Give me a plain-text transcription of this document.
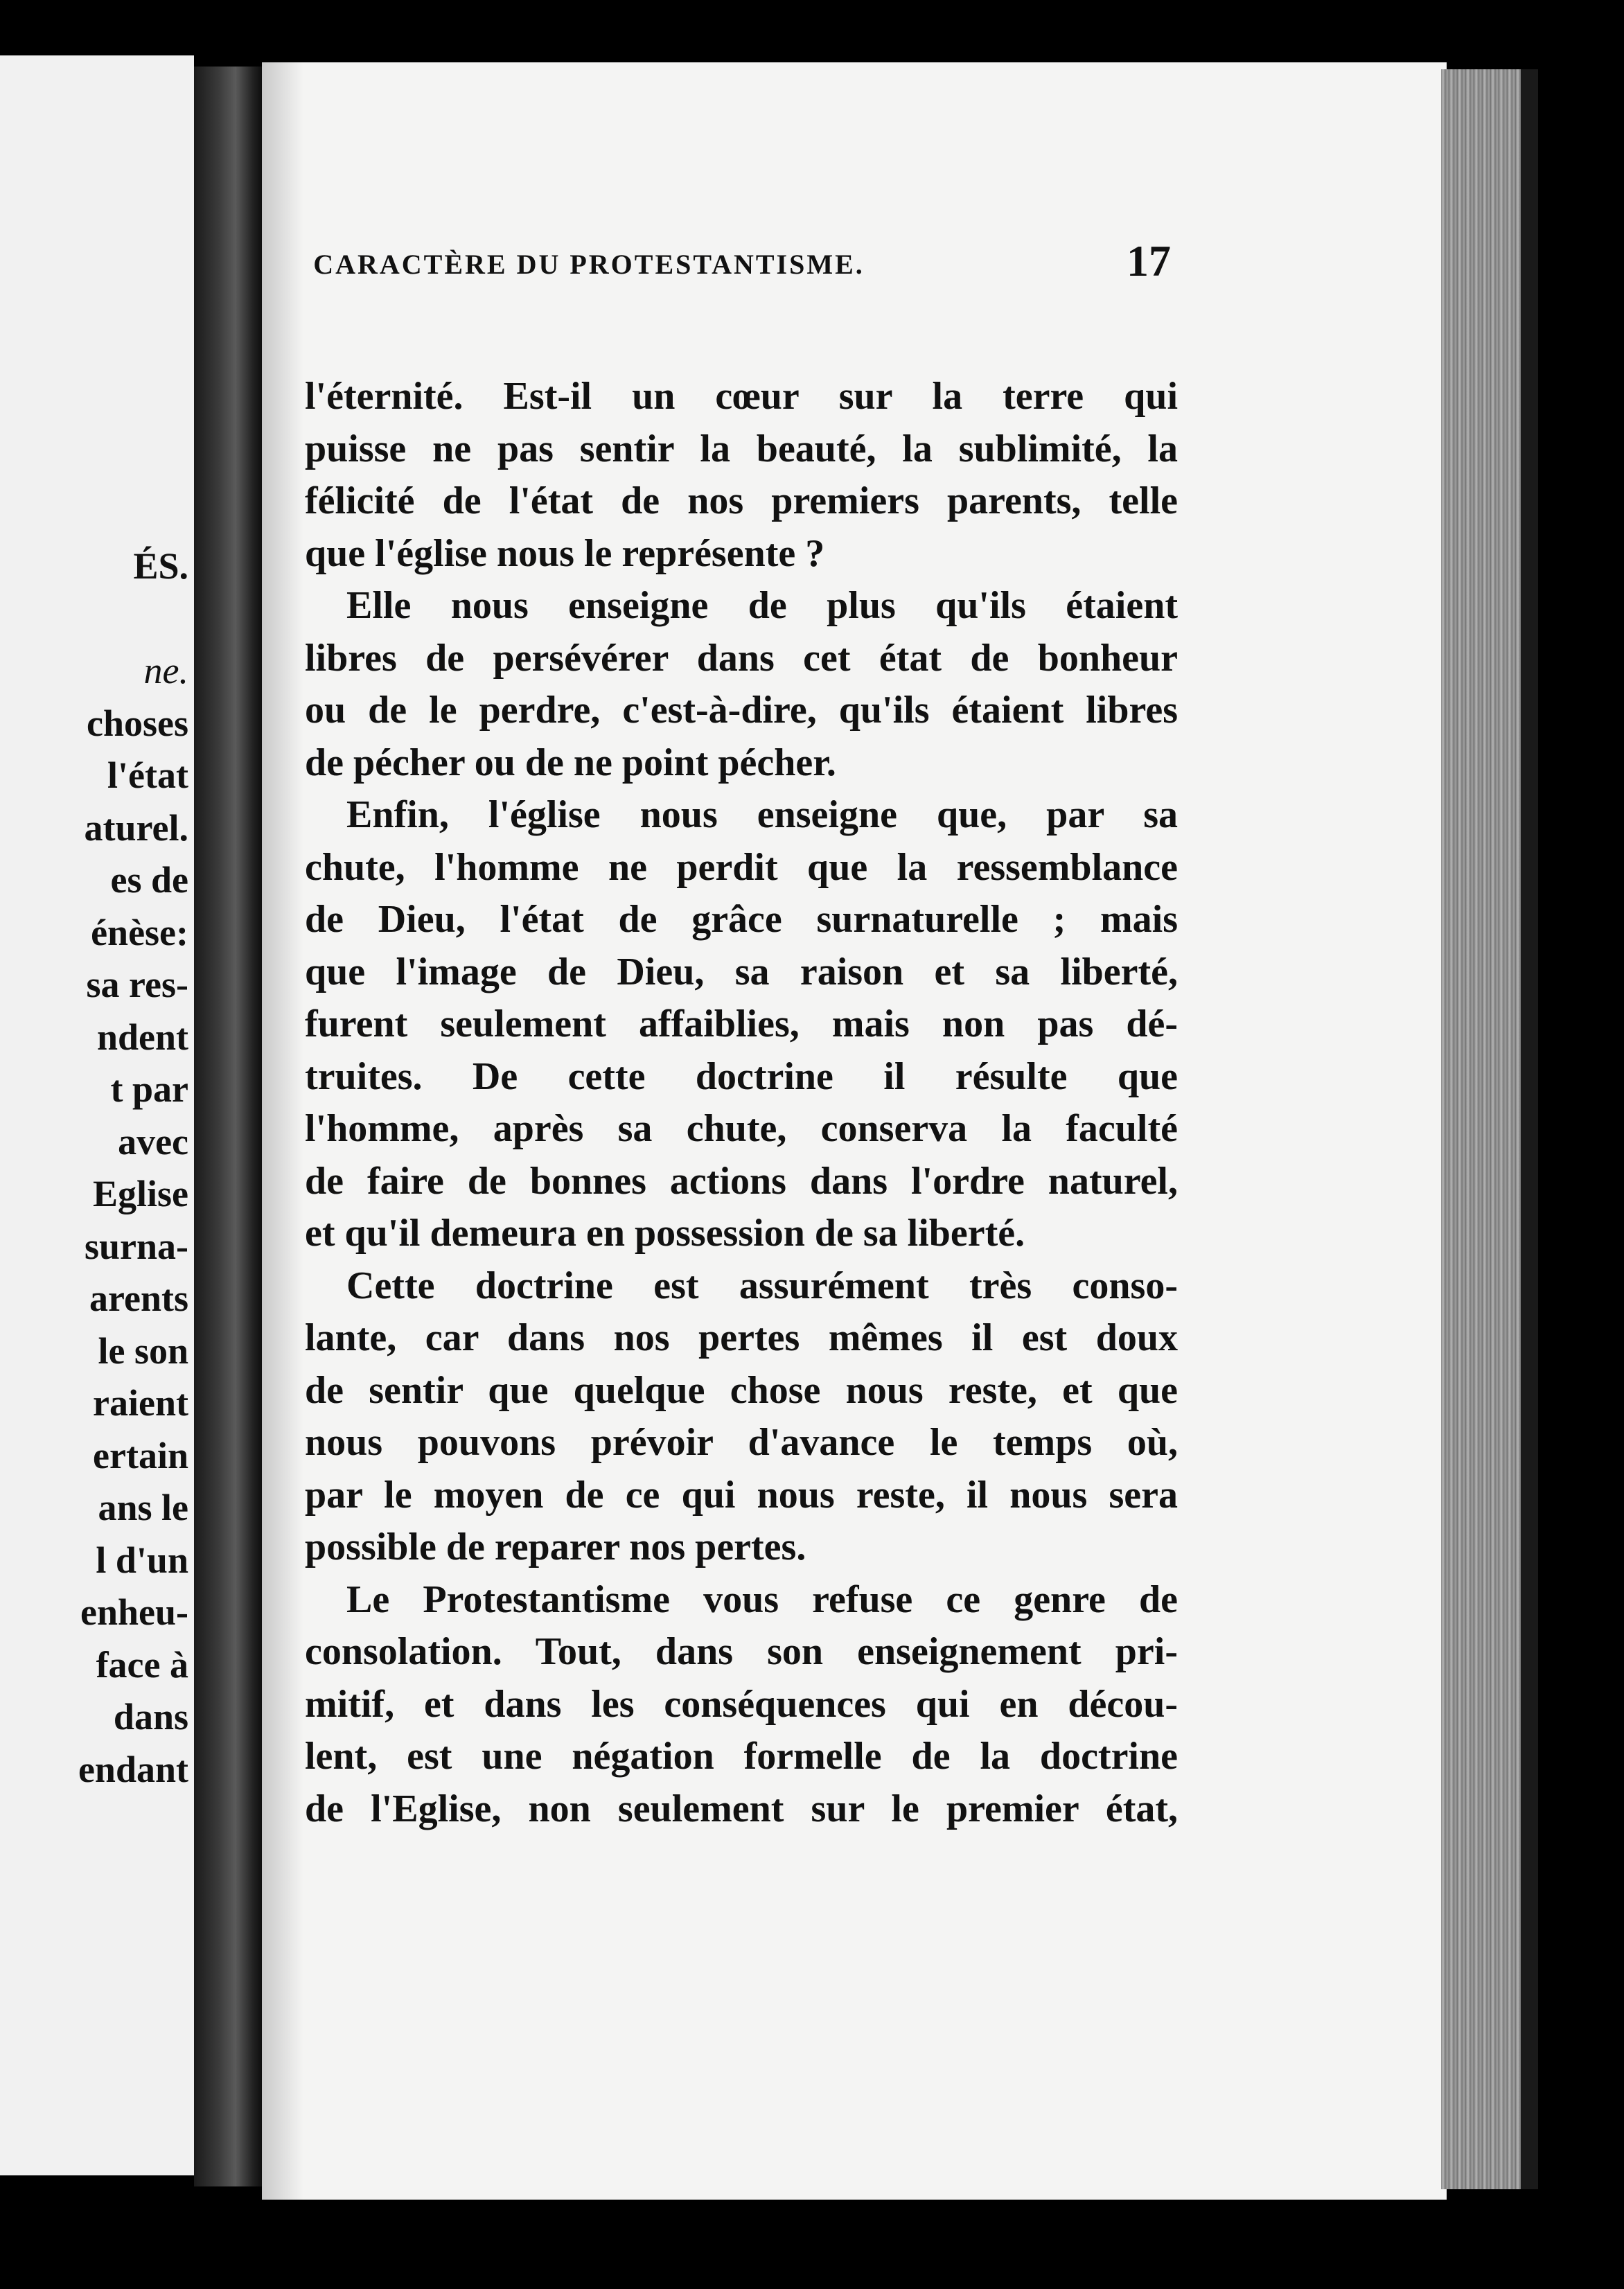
ÉS.
ne.
choses
l'état
aturel.
es de
énèse:
sa res-
ndent
t par
avec
Eglise
surna-
arents
le son
raient
ertain
ans le
l d'un
enheu-
face à
dans
endant
CARACTÈRE DU PROTESTANTISME.	17
l'éternité. Est-il un cœur sur la terre qui
puisse ne pas sentir la beauté, la sublimité, la
félicité de l'état de nos premiers parents, telle
que l'église nous le représente ?
Elle nous enseigne de plus qu'ils étaient
libres de persévérer dans cet état de bonheur
ou de le perdre, c'est-à-dire, qu'ils étaient libres
de pécher ou de ne point pécher.
Enfin, l'église nous enseigne que, par sa
chute, l'homme ne perdit que la ressemblance
de Dieu, l'état de grâce surnaturelle ; mais
que l'image de Dieu, sa raison et sa liberté,
furent seulement affaiblies, mais non pas dé-
truites. De cette doctrine il résulte que
l'homme, après sa chute, conserva la faculté
de faire de bonnes actions dans l'ordre naturel,
et qu'il demeura en possession de sa liberté.
Cette doctrine est assurément très conso-
lante, car dans nos pertes mêmes il est doux
de sentir que quelque chose nous reste, et que
nous pouvons prévoir d'avance le temps où,
par le moyen de ce qui nous reste, il nous sera
possible de reparer nos pertes.
Le Protestantisme vous refuse ce genre de
consolation. Tout, dans son enseignement pri-
mitif, et dans les conséquences qui en décou-
lent, est une négation formelle de la doctrine
de l'Eglise, non seulement sur le premier état,
